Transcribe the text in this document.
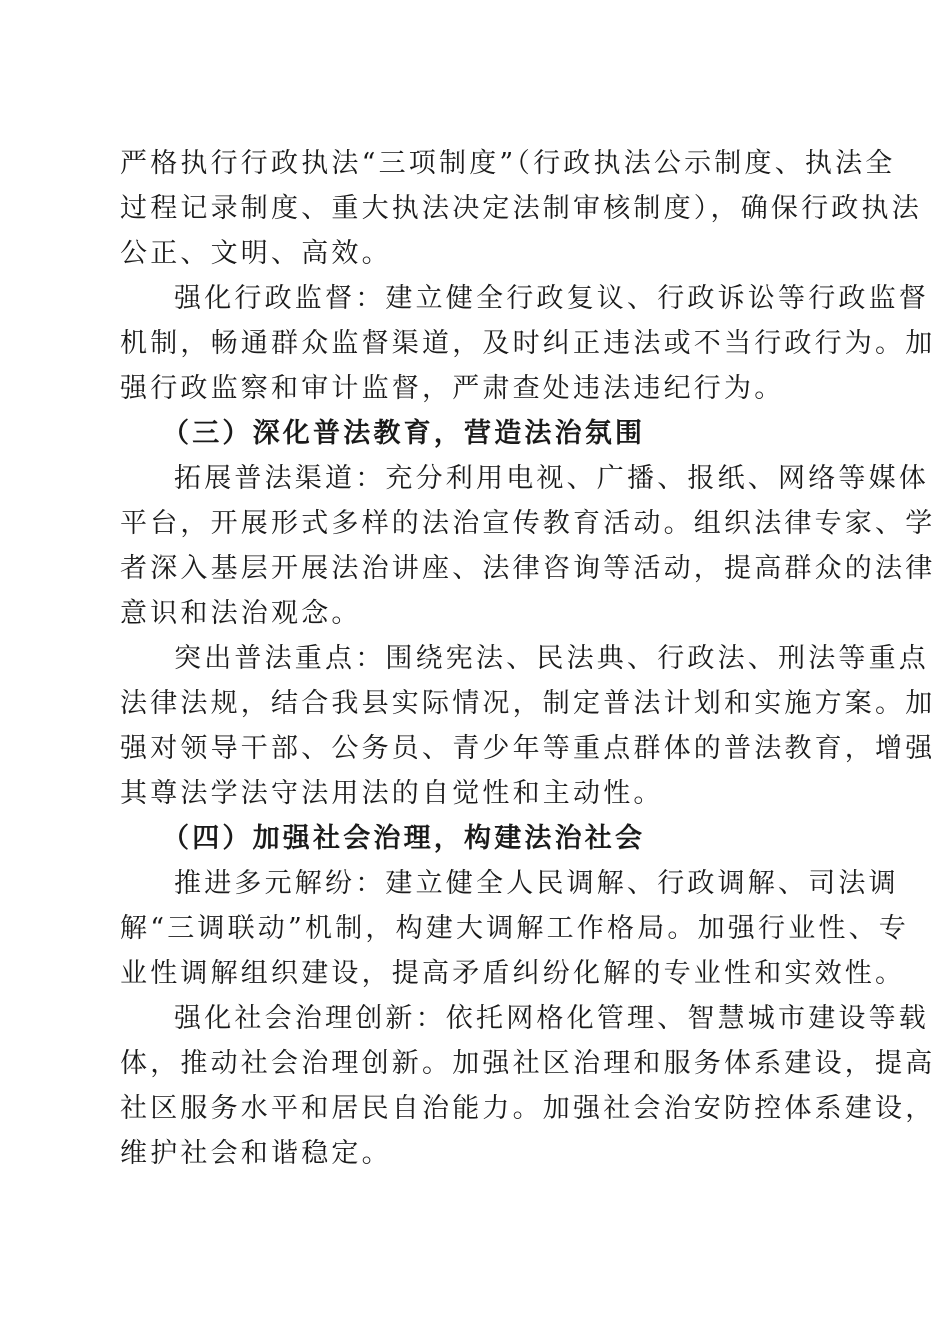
严格执行行政执法“三项制度”（行政执法公示制度、执法全
过程记录制度、重大执法决定法制审核制度），确保行政执法
公正、文明、高效。
强化行政监督：建立健全行政复议、行政诉讼等行政监督
机制，畅通群众监督渠道，及时纠正违法或不当行政行为。加
强行政监察和审计监督，严肃查处违法违纪行为。
（三）深化普法教育，营造法治氛围
拓展普法渠道：充分利用电视、广播、报纸、网络等媒体
平台，开展形式多样的法治宣传教育活动。组织法律专家、学
者深入基层开展法治讲座、法律咨询等活动，提高群众的法律
意识和法治观念。
突出普法重点：围绕宪法、民法典、行政法、刑法等重点
法律法规，结合我县实际情况，制定普法计划和实施方案。加
强对领导干部、公务员、青少年等重点群体的普法教育，增强
其尊法学法守法用法的自觉性和主动性。
（四）加强社会治理，构建法治社会
推进多元解纷：建立健全人民调解、行政调解、司法调
解“三调联动”机制，构建大调解工作格局。加强行业性、专
业性调解组织建设，提高矛盾纠纷化解的专业性和实效性。
强化社会治理创新：依托网格化管理、智慧城市建设等载
体，推动社会治理创新。加强社区治理和服务体系建设，提高
社区服务水平和居民自治能力。加强社会治安防控体系建设，
维护社会和谐稳定。
